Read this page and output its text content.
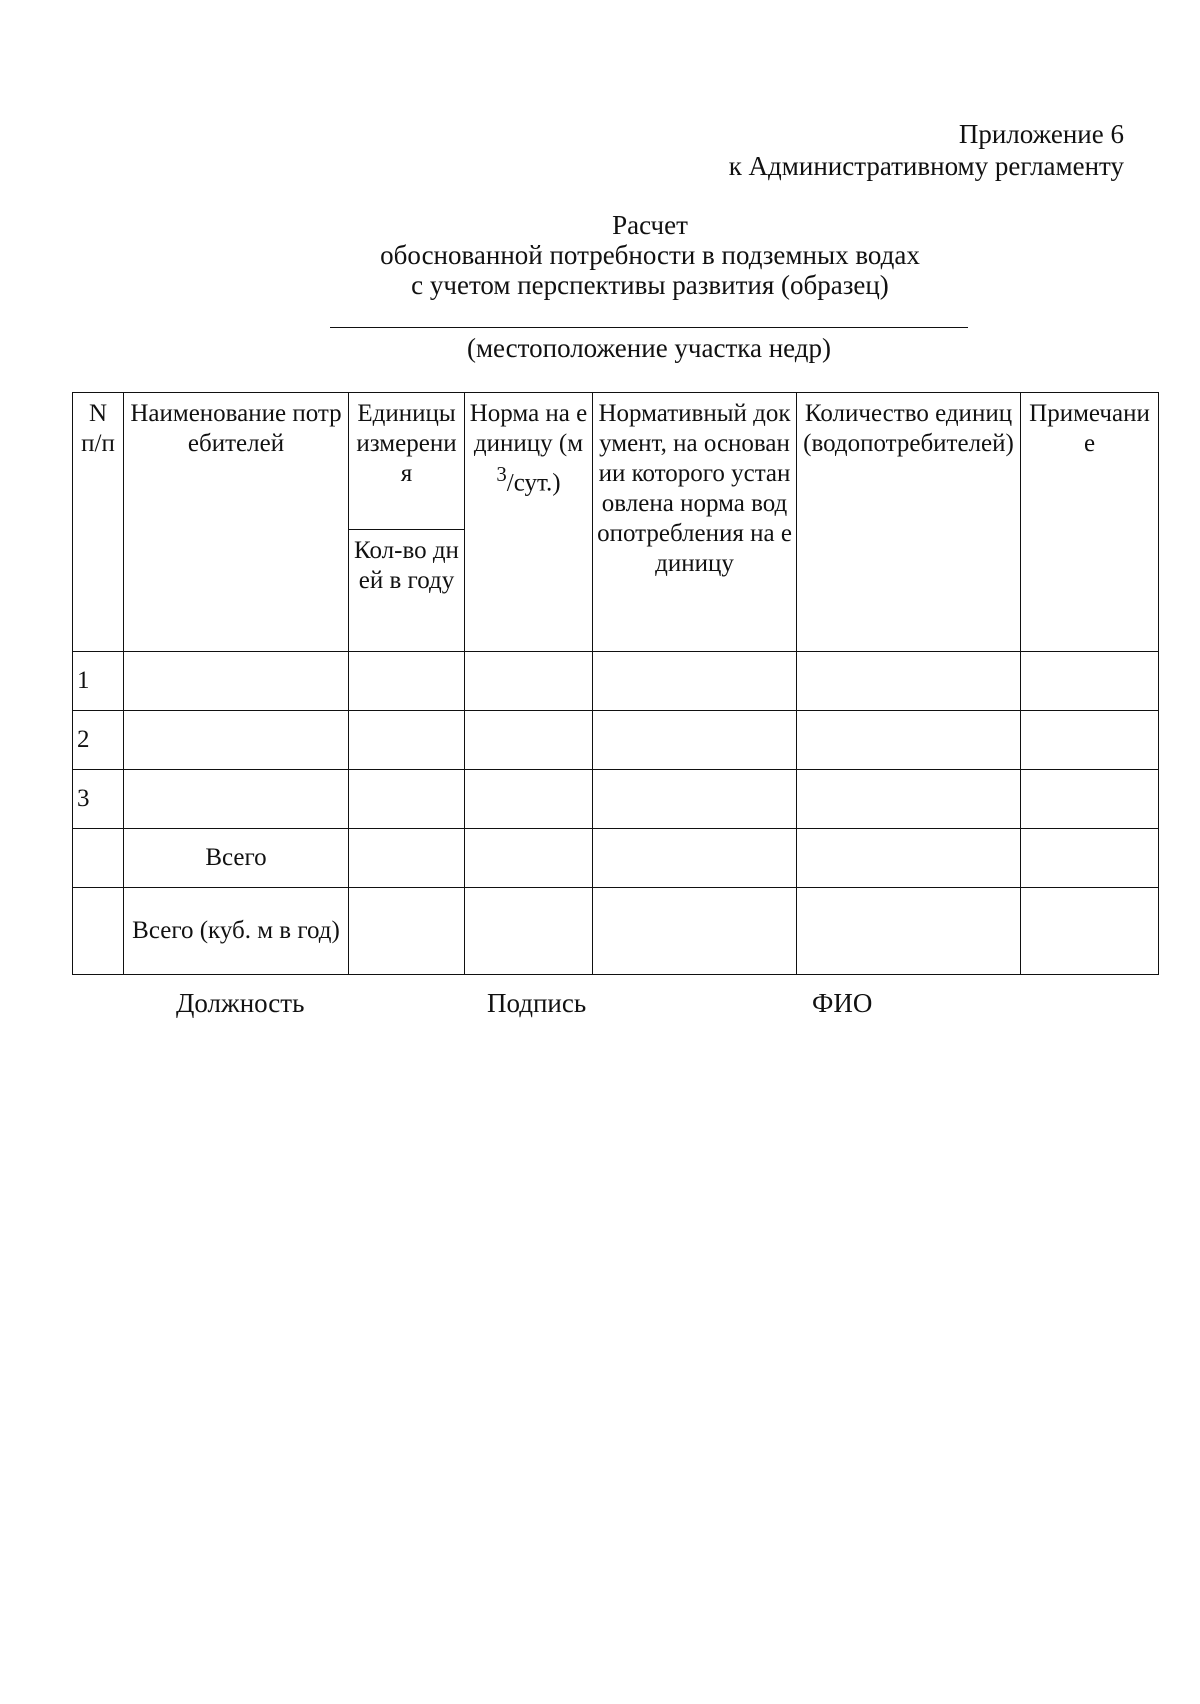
Приложение 6
к Административному регламенту
Расчет
обоснованной потребности в подземных водах
с учетом перспективы развития (образец)
(местоположение участка недр)
N п/п	Наименование потребителей	Единицы измерения	Норма на единицу $(м^3/сут.)$	Нормативный документ, на основании которого установлена норма водопотребления на единицу	Количество единиц (водопотребителей)	Примечание
		Кол-во дней в году				
1						
2						
3						
	Всего					
	Всего (куб. м в год)					
Должность	Подпись	ФИО
